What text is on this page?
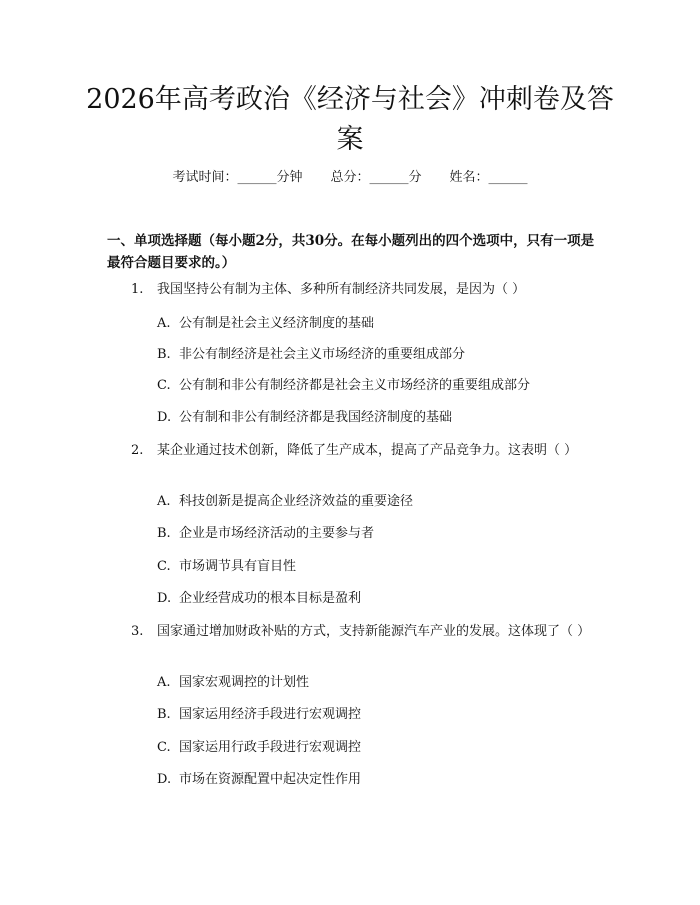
2026年高考政治《经济与社会》冲刺卷及答案
考试时间：______分钟 总分：______分 姓名：______
一、单项选择题（每小题2分，共30分。在每小题列出的四个选项中，只有一项是最符合题目要求的。）
1. 我国坚持公有制为主体、多种所有制经济共同发展，是因为（ ）
A. 公有制是社会主义经济制度的基础
B. 非公有制经济是社会主义市场经济的重要组成部分
C. 公有制和非公有制经济都是社会主义市场经济的重要组成部分
D. 公有制和非公有制经济都是我国经济制度的基础
2. 某企业通过技术创新，降低了生产成本，提高了产品竞争力。这表明（ ）
A. 科技创新是提高企业经济效益的重要途径
B. 企业是市场经济活动的主要参与者
C. 市场调节具有盲目性
D. 企业经营成功的根本目标是盈利
3. 国家通过增加财政补贴的方式，支持新能源汽车产业的发展。这体现了（ ）
A. 国家宏观调控的计划性
B. 国家运用经济手段进行宏观调控
C. 国家运用行政手段进行宏观调控
D. 市场在资源配置中起决定性作用
